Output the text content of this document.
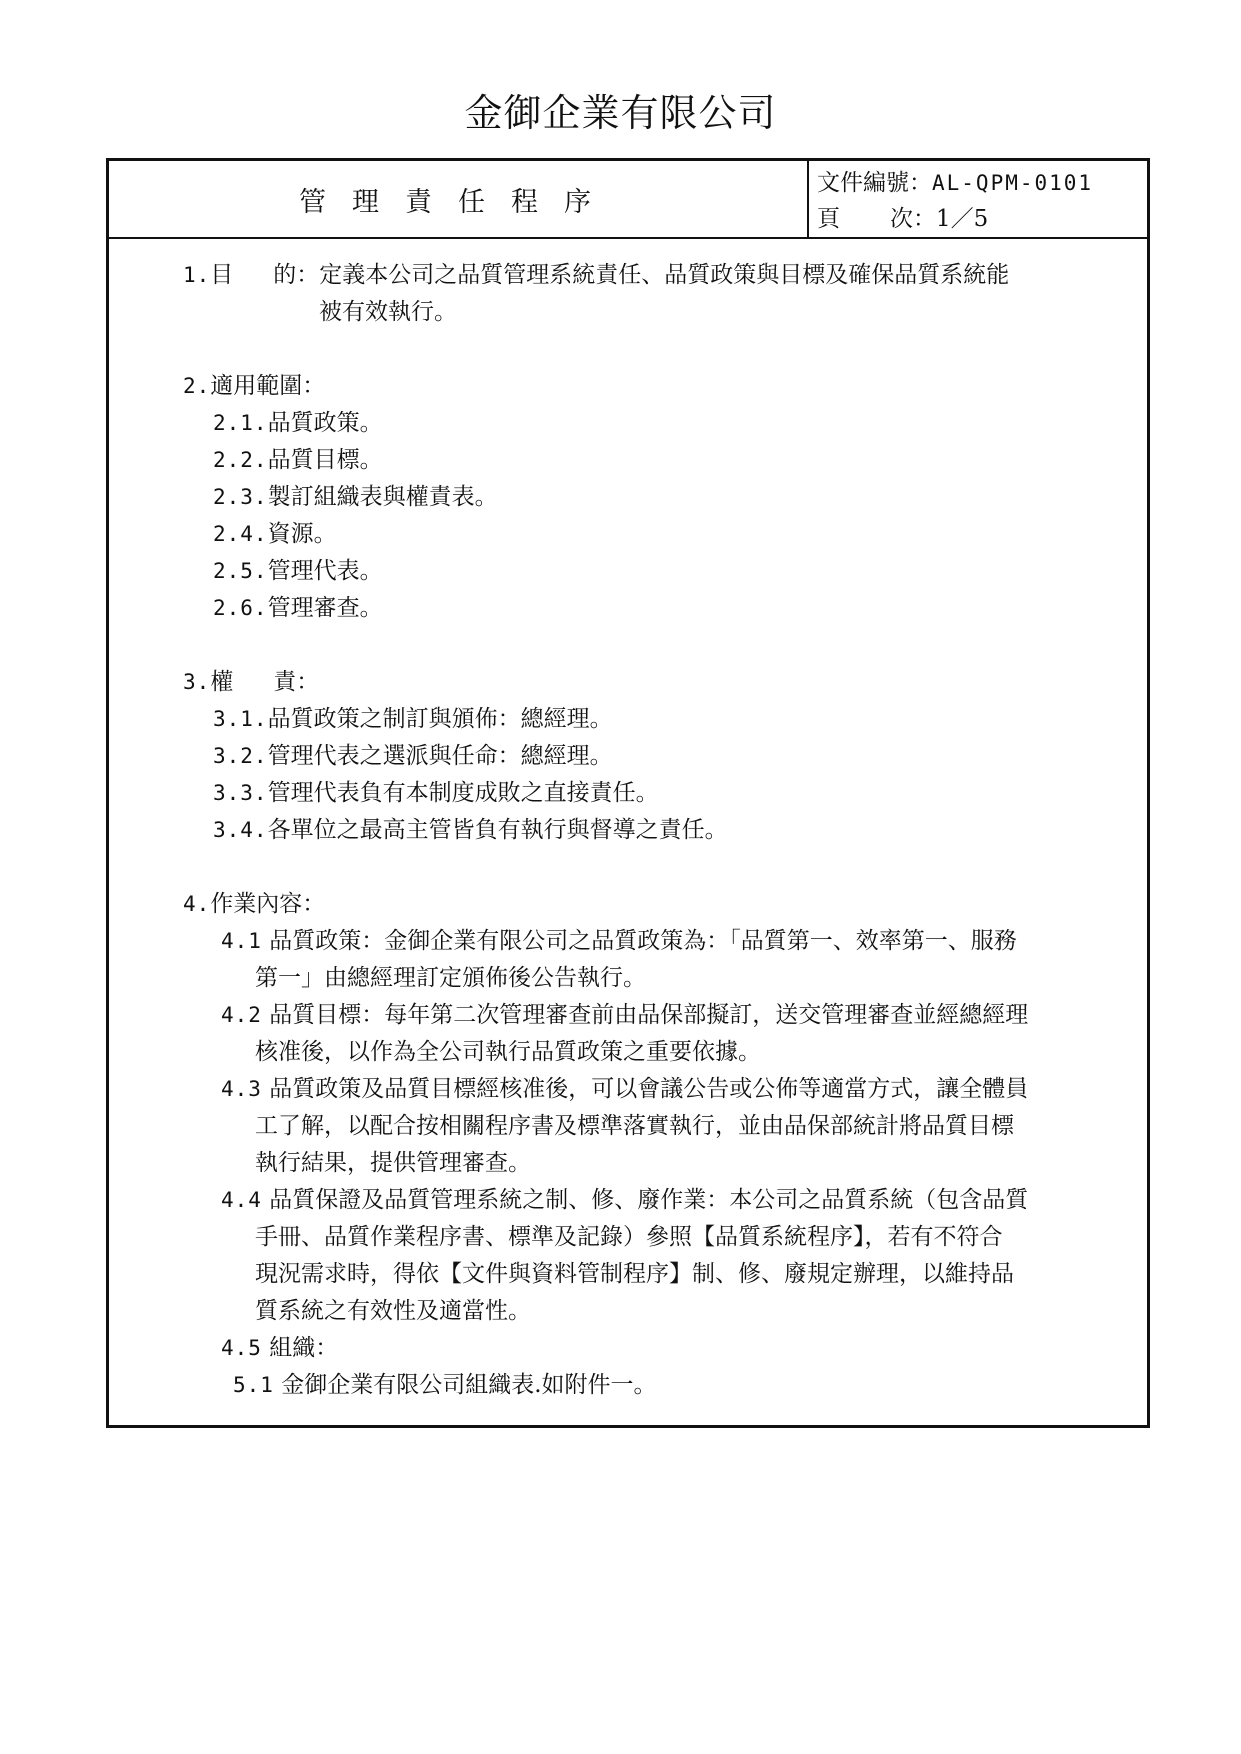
金御企業有限公司
管理責任程序
文件編號：AL-QPM-0101
頁 次：1／5
1.目 的：定義本公司之品質管理系統責任、品質政策與目標及確保品質系統能
被有效執行。
2.適用範圍：
2.1.品質政策。
2.2.品質目標。
2.3.製訂組織表與權責表。
2.4.資源。
2.5.管理代表。
2.6.管理審查。
3.權 責：
3.1.品質政策之制訂與頒佈：總經理。
3.2.管理代表之選派與任命：總經理。
3.3.管理代表負有本制度成敗之直接責任。
3.4.各單位之最高主管皆負有執行與督導之責任。
4.作業內容：
4.1 品質政策：金御企業有限公司之品質政策為：「品質第一、效率第一、服務
第一」由總經理訂定頒佈後公告執行。
4.2 品質目標：每年第二次管理審查前由品保部擬訂，送交管理審查並經總經理
核准後，以作為全公司執行品質政策之重要依據。
4.3 品質政策及品質目標經核准後，可以會議公告或公佈等適當方式，讓全體員
工了解，以配合按相關程序書及標準落實執行，並由品保部統計將品質目標
執行結果，提供管理審查。
4.4 品質保證及品質管理系統之制、修、廢作業：本公司之品質系統（包含品質
手冊、品質作業程序書、標準及記錄）參照【品質系統程序】，若有不符合
現況需求時，得依【文件與資料管制程序】制、修、廢規定辦理，以維持品
質系統之有效性及適當性。
4.5 組織：
5.1 金御企業有限公司組織表.如附件一。
